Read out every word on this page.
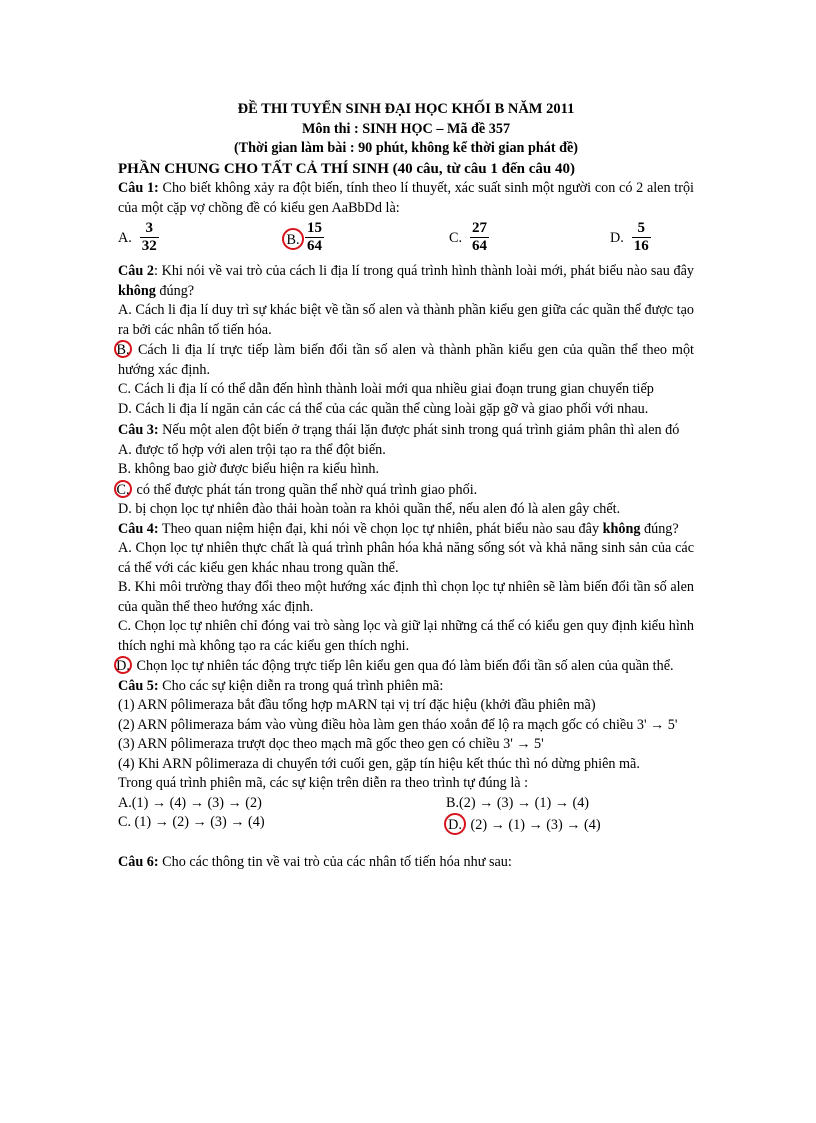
ĐỀ THI TUYỂN SINH ĐẠI HỌC KHỐI B NĂM 2011
Môn thi : SINH HỌC – Mã đề 357
(Thời gian làm bài : 90 phút, không kể thời gian phát đề)
PHẦN CHUNG CHO TẤT CẢ THÍ SINH (40 câu, từ câu 1 đến câu 40)
Câu 1: Cho biết không xảy ra đột biến, tính theo lí thuyết, xác suất sinh một người con có 2 alen trội của một cặp vợ chồng đề có kiểu gen AaBbDd là:
A. $\frac{3}{32}$	B. $\frac{15}{64}$	C. $\frac{27}{64}$	D. $\frac{5}{16}$
Câu 2: Khi nói về vai trò của cách li địa lí trong quá trình hình thành loài mới, phát biểu nào sau đây không đúng?
A. Cách li địa lí duy trì sự khác biệt về tần số alen và thành phần kiểu gen giữa các quần thể được tạo ra bởi các nhân tố tiến hóa.
B. Cách li địa lí trực tiếp làm biến đổi tần số alen và thành phần kiểu gen của quần thể theo một hướng xác định.
C. Cách li địa lí có thể dẫn đến hình thành loài mới qua nhiều giai đoạn trung gian chuyển tiếp
D. Cách li địa lí ngăn cản các cá thể của các quần thể cùng loài gặp gỡ và giao phối với nhau.
Câu 3: Nếu một alen đột biến ở trạng thái lặn được phát sinh trong quá trình giảm phân thì alen đó
A. được tổ hợp với alen trội tạo ra thể đột biến.
B. không bao giờ được biểu hiện ra kiểu hình.
C. có thể được phát tán trong quần thể nhờ quá trình giao phối.
D. bị chọn lọc tự nhiên đào thải hoàn toàn ra khỏi quần thể, nếu alen đó là alen gây chết.
Câu 4: Theo quan niệm hiện đại, khi nói về chọn lọc tự nhiên, phát biểu nào sau đây không đúng?
A. Chọn lọc tự nhiên thực chất là quá trình phân hóa khả năng sống sót và khả năng sinh sản của các cá thể với các kiểu gen khác nhau trong quần thể.
B. Khi môi trường thay đổi theo một hướng xác định thì chọn lọc tự nhiên sẽ làm biến đổi tần số alen của quần thể theo hướng xác định.
C. Chọn lọc tự nhiên chỉ đóng vai trò sàng lọc và giữ lại những cá thể có kiểu gen quy định kiểu hình thích nghi mà không tạo ra các kiểu gen thích nghi.
D. Chọn lọc tự nhiên tác động trực tiếp lên kiểu gen qua đó làm biến đổi tần số alen của quần thể.
Câu 5: Cho các sự kiện diễn ra trong quá trình phiên mã:
(1) ARN pôlimeraza bắt đầu tổng hợp mARN tại vị trí đặc hiệu (khởi đầu phiên mã)
(2) ARN pôlimeraza bám vào vùng điều hòa làm gen tháo xoắn để lộ ra mạch gốc có chiều 3' → 5'
(3) ARN pôlimeraza trượt dọc theo mạch mã gốc theo gen có chiều 3' → 5'
(4) Khi ARN pôlimeraza di chuyển tới cuối gen, gặp tín hiệu kết thúc thì nó dừng phiên mã.
Trong quá trình phiên mã, các sự kiện trên diễn ra theo trình tự đúng là :
A.(1) → (4) → (3) → (2)	B.(2) → (3) → (1) → (4)
C. (1) → (2) → (3) → (4)	D. (2) → (1) → (3) → (4)
Câu 6: Cho các thông tin về vai trò của các nhân tố tiến hóa như sau:
